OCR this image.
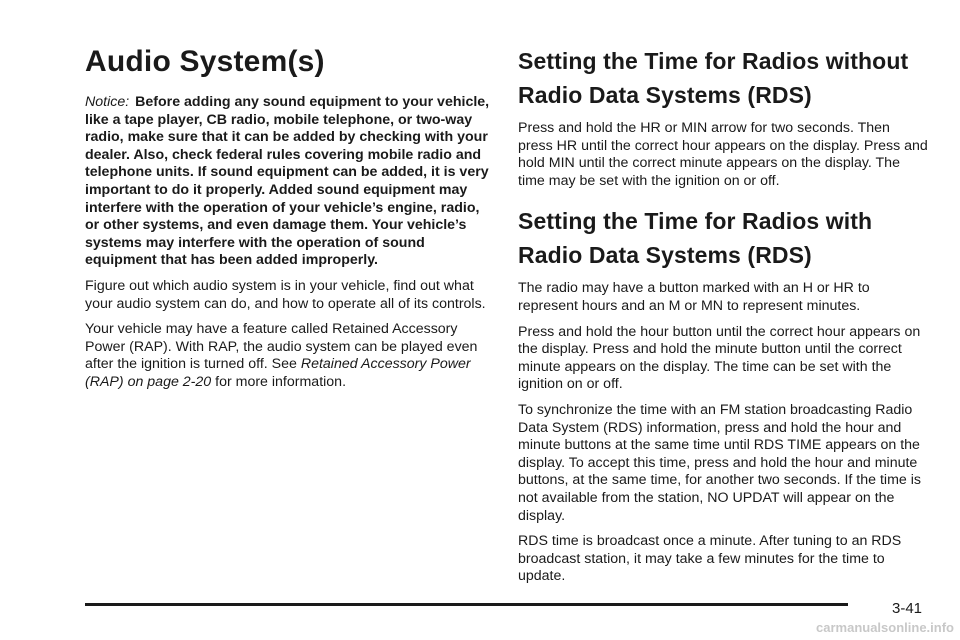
Audio System(s)

Notice: Before adding any sound equipment to your vehicle, like a tape player, CB radio, mobile telephone, or two-way radio, make sure that it can be added by checking with your dealer. Also, check federal rules covering mobile radio and telephone units. If sound equipment can be added, it is very important to do it properly. Added sound equipment may interfere with the operation of your vehicle’s engine, radio, or other systems, and even damage them. Your vehicle’s systems may interfere with the operation of sound equipment that has been added improperly.

Figure out which audio system is in your vehicle, find out what your audio system can do, and how to operate all of its controls.

Your vehicle may have a feature called Retained Accessory Power (RAP). With RAP, the audio system can be played even after the ignition is turned off. See Retained Accessory Power (RAP) on page 2-20 for more information.

Setting the Time for Radios without Radio Data Systems (RDS)

Press and hold the HR or MIN arrow for two seconds. Then press HR until the correct hour appears on the display. Press and hold MIN until the correct minute appears on the display. The time may be set with the ignition on or off.

Setting the Time for Radios with Radio Data Systems (RDS)

The radio may have a button marked with an H or HR to represent hours and an M or MN to represent minutes.

Press and hold the hour button until the correct hour appears on the display. Press and hold the minute button until the correct minute appears on the display. The time can be set with the ignition on or off.

To synchronize the time with an FM station broadcasting Radio Data System (RDS) information, press and hold the hour and minute buttons at the same time until RDS TIME appears on the display. To accept this time, press and hold the hour and minute buttons, at the same time, for another two seconds. If the time is not available from the station, NO UPDAT will appear on the display.

RDS time is broadcast once a minute. After tuning to an RDS broadcast station, it may take a few minutes for the time to update.

3-41
carmanualsonline.info
